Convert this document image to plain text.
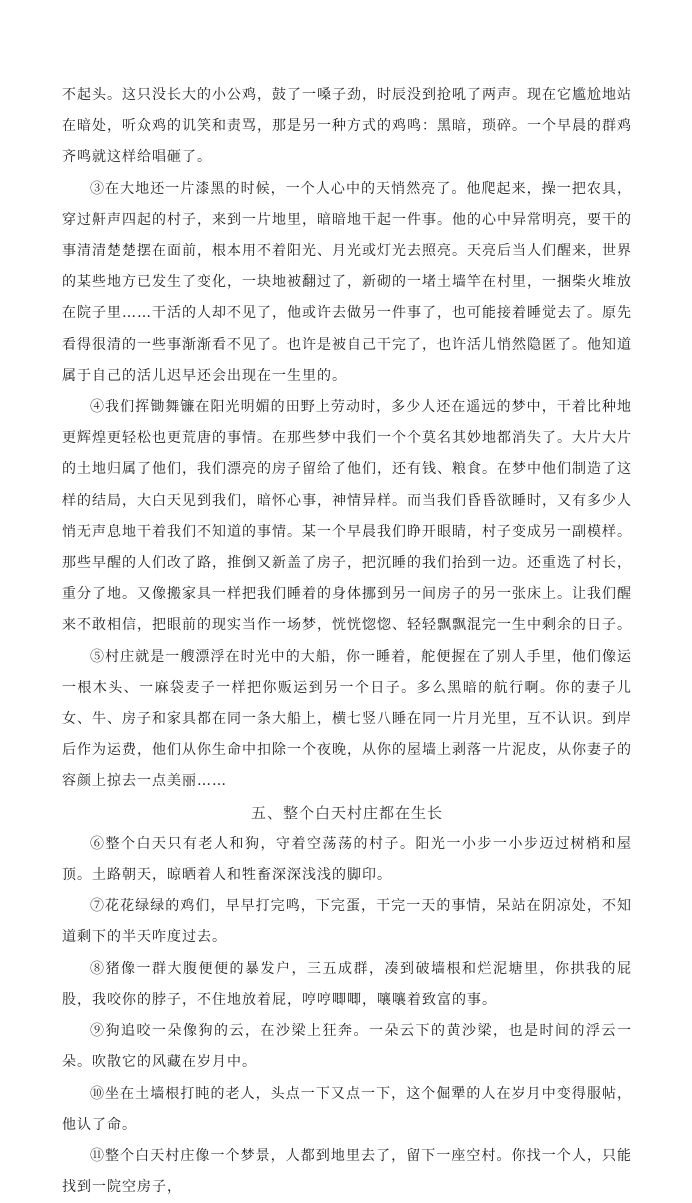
不起头。这只没长大的小公鸡，鼓了一嗓子劲，时辰没到抢吼了两声。现在它尴尬地站在暗处，听众鸡的讥笑和责骂，那是另一种方式的鸡鸣：黑暗，琐碎。一个早晨的群鸡齐鸣就这样给唱砸了。

③在大地还一片漆黑的时候，一个人心中的天悄然亮了。他爬起来，操一把农具，穿过鼾声四起的村子，来到一片地里，暗暗地干起一件事。他的心中异常明亮，要干的事清清楚楚摆在面前，根本用不着阳光、月光或灯光去照亮。天亮后当人们醒来，世界的某些地方已发生了变化，一块地被翻过了，新砌的一堵土墙竿在村里，一捆柴火堆放在院子里……干活的人却不见了，他或许去做另一件事了，也可能接着睡觉去了。原先看得很清的一些事渐渐看不见了。也许是被自己干完了，也许活儿悄然隐匿了。他知道属于自己的活儿迟早还会出现在一生里的。

④我们挥锄舞镰在阳光明媚的田野上劳动时，多少人还在遥远的梦中，干着比种地更辉煌更轻松也更荒唐的事情。在那些梦中我们一个个莫名其妙地都消失了。大片大片的土地归属了他们，我们漂亮的房子留给了他们，还有钱、粮食。在梦中他们制造了这样的结局，大白天见到我们，暗怀心事，神情异样。而当我们昏昏欲睡时，又有多少人悄无声息地干着我们不知道的事情。某一个早晨我们睁开眼睛，村子变成另一副模样。那些早醒的人们改了路，推倒又新盖了房子，把沉睡的我们抬到一边。还重选了村长，重分了地。又像搬家具一样把我们睡着的身体挪到另一间房子的另一张床上。让我们醒来不敢相信，把眼前的现实当作一场梦，恍恍惚惚、轻轻飘飘混完一生中剩余的日子。

⑤村庄就是一艘漂浮在时光中的大船，你一睡着，舵便握在了别人手里，他们像运一根木头、一麻袋麦子一样把你贩运到另一个日子。多么黑暗的航行啊。你的妻子儿女、牛、房子和家具都在同一条大船上，横七竖八睡在同一片月光里，互不认识。到岸后作为运费，他们从你生命中扣除一个夜晚，从你的屋墙上剥落一片泥皮，从你妻子的容颜上掠去一点美丽……

五、整个白天村庄都在生长

⑥整个白天只有老人和狗，守着空荡荡的村子。阳光一小步一小步迈过树梢和屋顶。土路朝天，晾晒着人和牲畜深深浅浅的脚印。

⑦花花绿绿的鸡们，早早打完鸣，下完蛋，干完一天的事情，呆站在阴凉处，不知道剩下的半天咋度过去。

⑧猪像一群大腹便便的暴发户，三五成群，凑到破墙根和烂泥塘里，你拱我的屁股，我咬你的脖子，不住地放着屁，哼哼唧唧，嚷嚷着致富的事。

⑨狗追咬一朵像狗的云，在沙梁上狂奔。一朵云下的黄沙梁，也是时间的浮云一朵。吹散它的风藏在岁月中。

⑩坐在土墙根打盹的老人，头点一下又点一下，这个倔犟的人在岁月中变得服帖，他认了命。

⑪整个白天村庄像一个梦景，人都到地里去了，留下一座空村。你找一个人，只能找到一院空房子，
